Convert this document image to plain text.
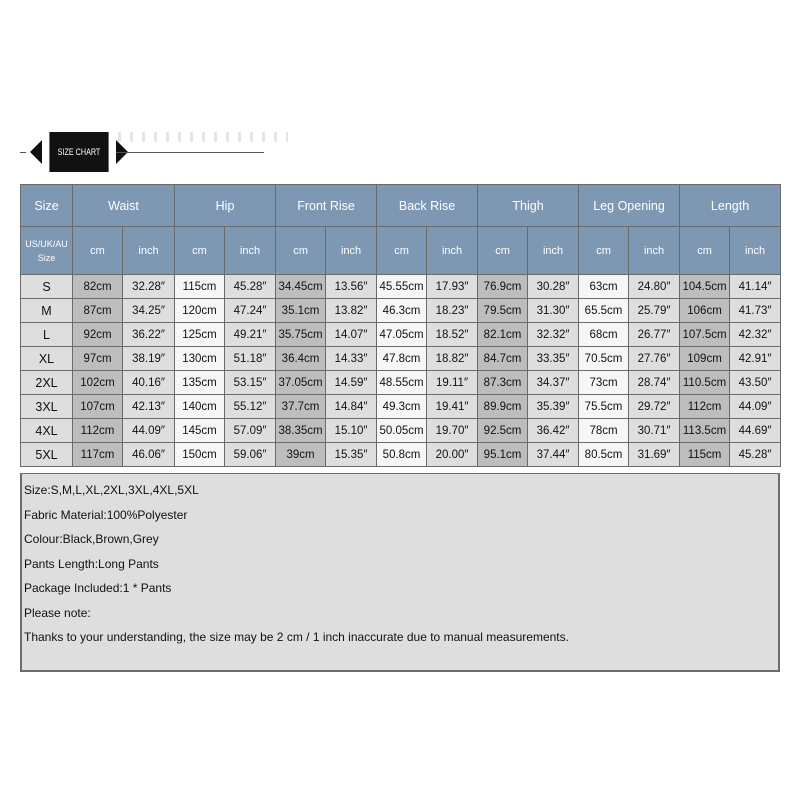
SIZE CHART
Size	Waist		Hip		Front Rise		Back Rise		Thigh		Leg Opening		Length	
US/UK/AU
Size	cm	inch	cm	inch	cm	inch	cm	inch	cm	inch	cm	inch	cm	inch
S	82cm	32.28″	115cm	45.28″	34.45cm	13.56″	45.55cm	17.93″	76.9cm	30.28″	63cm	24.80″	104.5cm	41.14″
M	87cm	34.25″	120cm	47.24″	35.1cm	13.82″	46.3cm	18.23″	79.5cm	31.30″	65.5cm	25.79″	106cm	41.73″
L	92cm	36.22″	125cm	49.21″	35.75cm	14.07″	47.05cm	18.52″	82.1cm	32.32″	68cm	26.77″	107.5cm	42.32″
XL	97cm	38.19″	130cm	51.18″	36.4cm	14.33″	47.8cm	18.82″	84.7cm	33.35″	70.5cm	27.76″	109cm	42.91″
2XL	102cm	40.16″	135cm	53.15″	37.05cm	14.59″	48.55cm	19.11″	87.3cm	34.37″	73cm	28.74″	110.5cm	43.50″
3XL	107cm	42.13″	140cm	55.12″	37.7cm	14.84″	49.3cm	19.41″	89.9cm	35.39″	75.5cm	29.72″	112cm	44.09″
4XL	112cm	44.09″	145cm	57.09″	38.35cm	15.10″	50.05cm	19.70″	92.5cm	36.42″	78cm	30.71″	113.5cm	44.69″
5XL	117cm	46.06″	150cm	59.06″	39cm	15.35″	50.8cm	20.00″	95.1cm	37.44″	80.5cm	31.69″	115cm	45.28″
Size:S,M,L,XL,2XL,3XL,4XL,5XL
Fabric Material:100%Polyester
Colour:Black,Brown,Grey
Pants Length:Long Pants
Package Included:1 * Pants
Please note:
Thanks to your understanding, the size may be 2 cm / 1 inch inaccurate due to manual measurements.
